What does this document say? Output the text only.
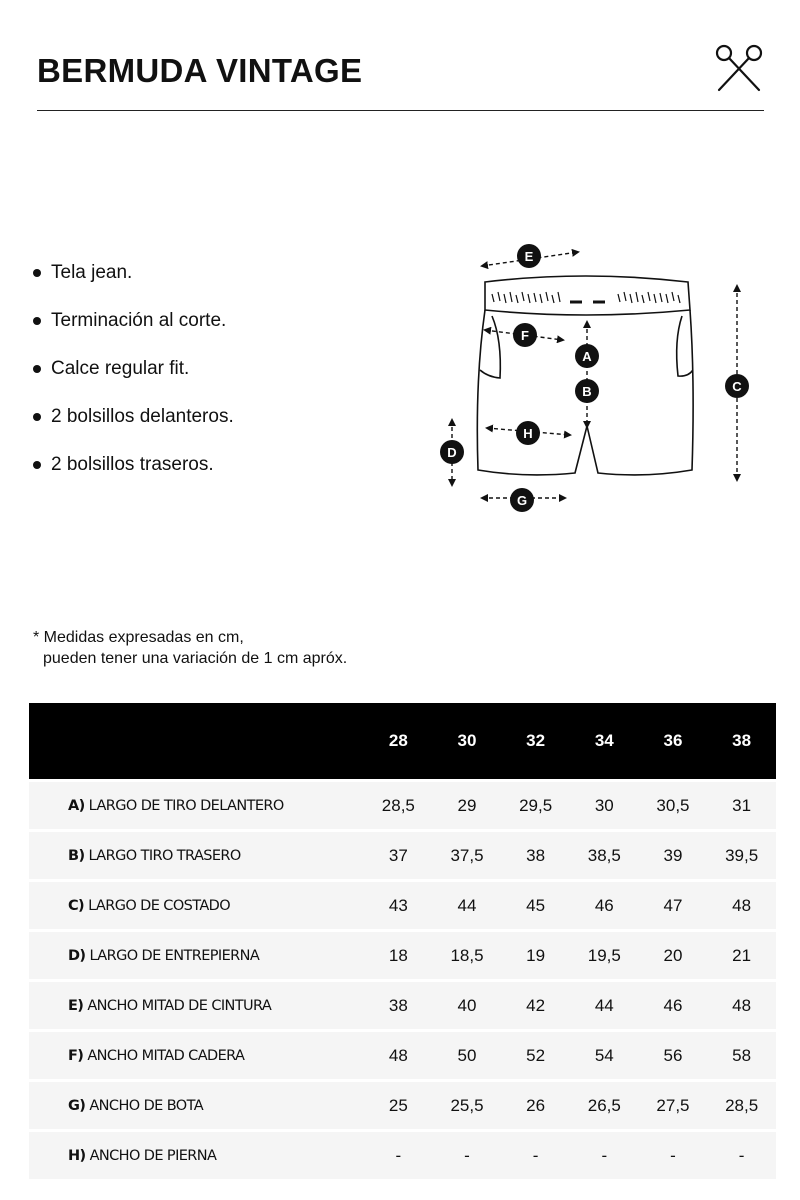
BERMUDA VINTAGE
Tela jean.
Terminación al corte.
Calce regular fit.
2 bolsillos delanteros.
2 bolsillos traseros.
E
F
A
B	C
H
D
G

* Medidas expresadas en cm,
pueden tener una variación de 1 cm apróx.

	28	30	32	34	36	38
A) LARGO DE TIRO DELANTERO	28,5	29	29,5	30	30,5	31
B) LARGO TIRO TRASERO	37	37,5	38	38,5	39	39,5
C) LARGO DE COSTADO	43	44	45	46	47	48
D) LARGO DE ENTREPIERNA	18	18,5	19	19,5	20	21
E) ANCHO MITAD DE CINTURA	38	40	42	44	46	48
F) ANCHO MITAD CADERA	48	50	52	54	56	58
G) ANCHO DE BOTA	25	25,5	26	26,5	27,5	28,5
H) ANCHO DE PIERNA	-	-	-	-	-	-
